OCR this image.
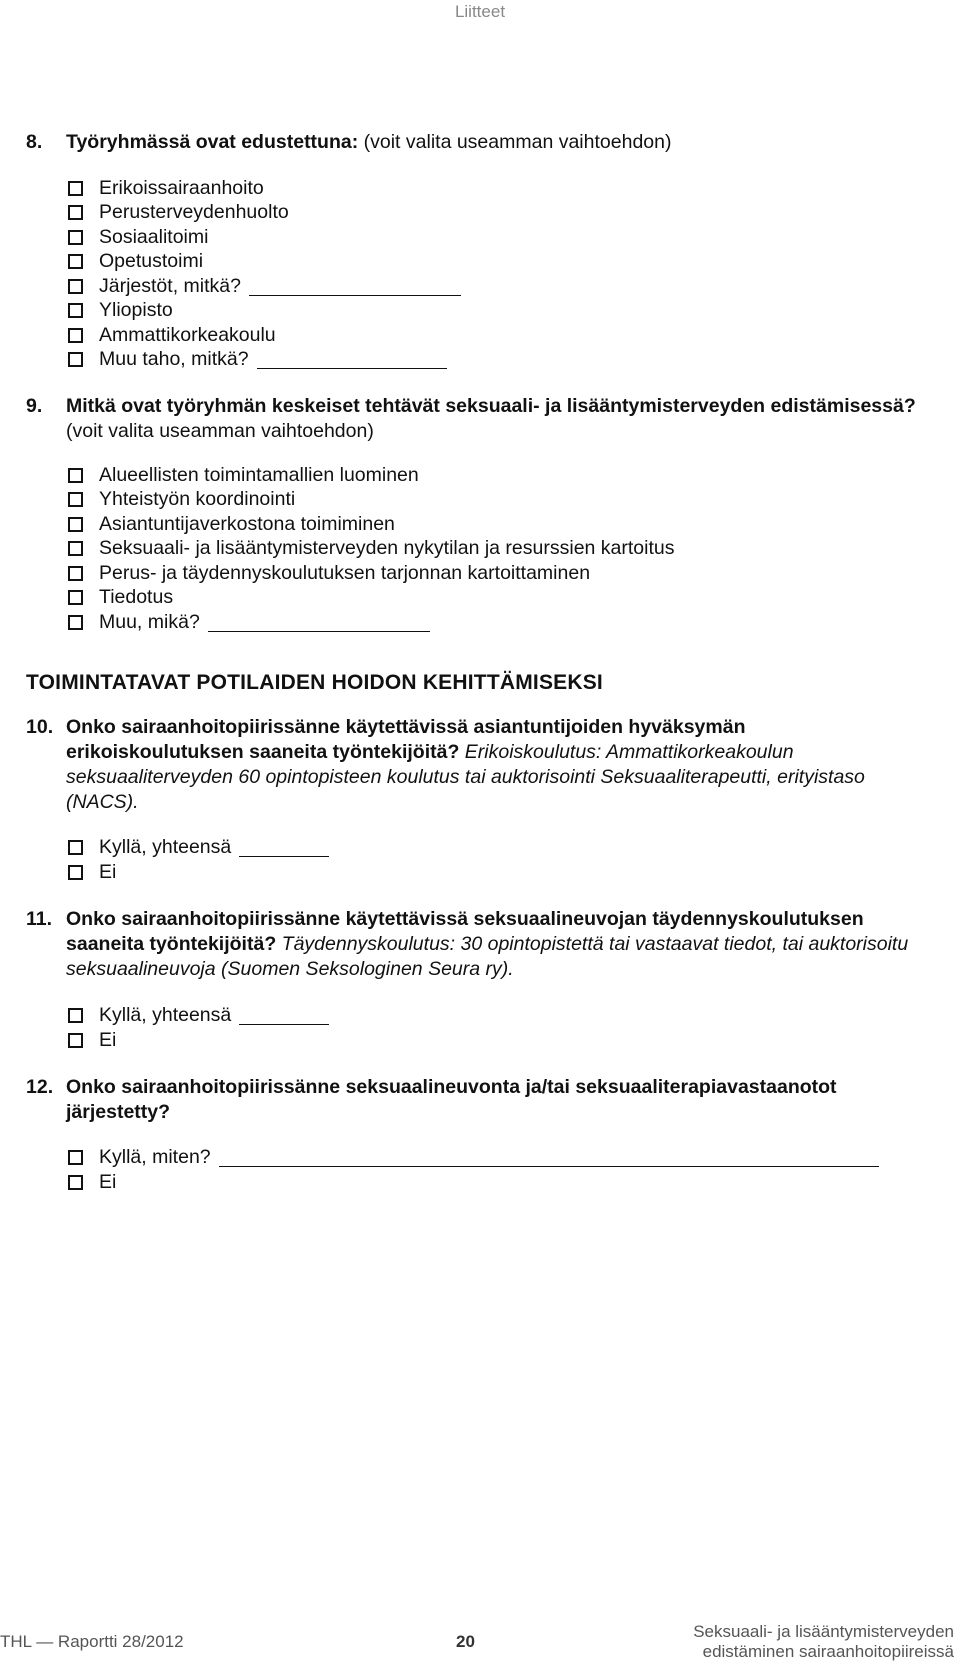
Liitteet
8. Työryhmässä ovat edustettuna: (voit valita useamman vaihtoehdon)
Erikoissairaanhoito
Perusterveydenhuolto
Sosiaalitoimi
Opetustoimi
Järjestöt, mitkä?
Yliopisto
Ammattikorkeakoulu
Muu taho, mitkä?
9. Mitkä ovat työryhmän keskeiset tehtävät seksuaali- ja lisääntymisterveyden edistämisessä? (voit valita useamman vaihtoehdon)
Alueellisten toimintamallien luominen
Yhteistyön koordinointi
Asiantuntijaverkostona toimiminen
Seksuaali- ja lisääntymisterveyden nykytilan ja resurssien kartoitus
Perus- ja täydennyskoulutuksen tarjonnan kartoittaminen
Tiedotus
Muu, mikä?
TOIMINTATAVAT POTILAIDEN HOIDON KEHITTÄMISEKSI
10. Onko sairaanhoitopiirissänne käytettävissä asiantuntijoiden hyväksymän erikoiskoulutuksen saaneita työntekijöitä? Erikoiskoulutus: Ammattikorkeakoulun seksuaaliterveyden 60 opintopisteen koulutus tai auktorisointi Seksuaaliterapeutti, erityistaso (NACS).
Kyllä, yhteensä
Ei
11. Onko sairaanhoitopiirissänne käytettävissä seksuaalineuvojan täydennyskoulutuksen saaneita työntekijöitä? Täydennyskoulutus: 30 opintopistettä tai vastaavat tiedot, tai auktorisoitu seksuaalineuvoja (Suomen Seksologinen Seura ry).
Kyllä, yhteensä
Ei
12. Onko sairaanhoitopiirissänne seksuaalineuvonta ja/tai seksuaaliterapiavastaanotot järjestetty?
Kyllä, miten?
Ei
THL — Raportti 28/2012	20
Seksuaali- ja lisääntymisterveyden
edistäminen sairaanhoitopiireissä
